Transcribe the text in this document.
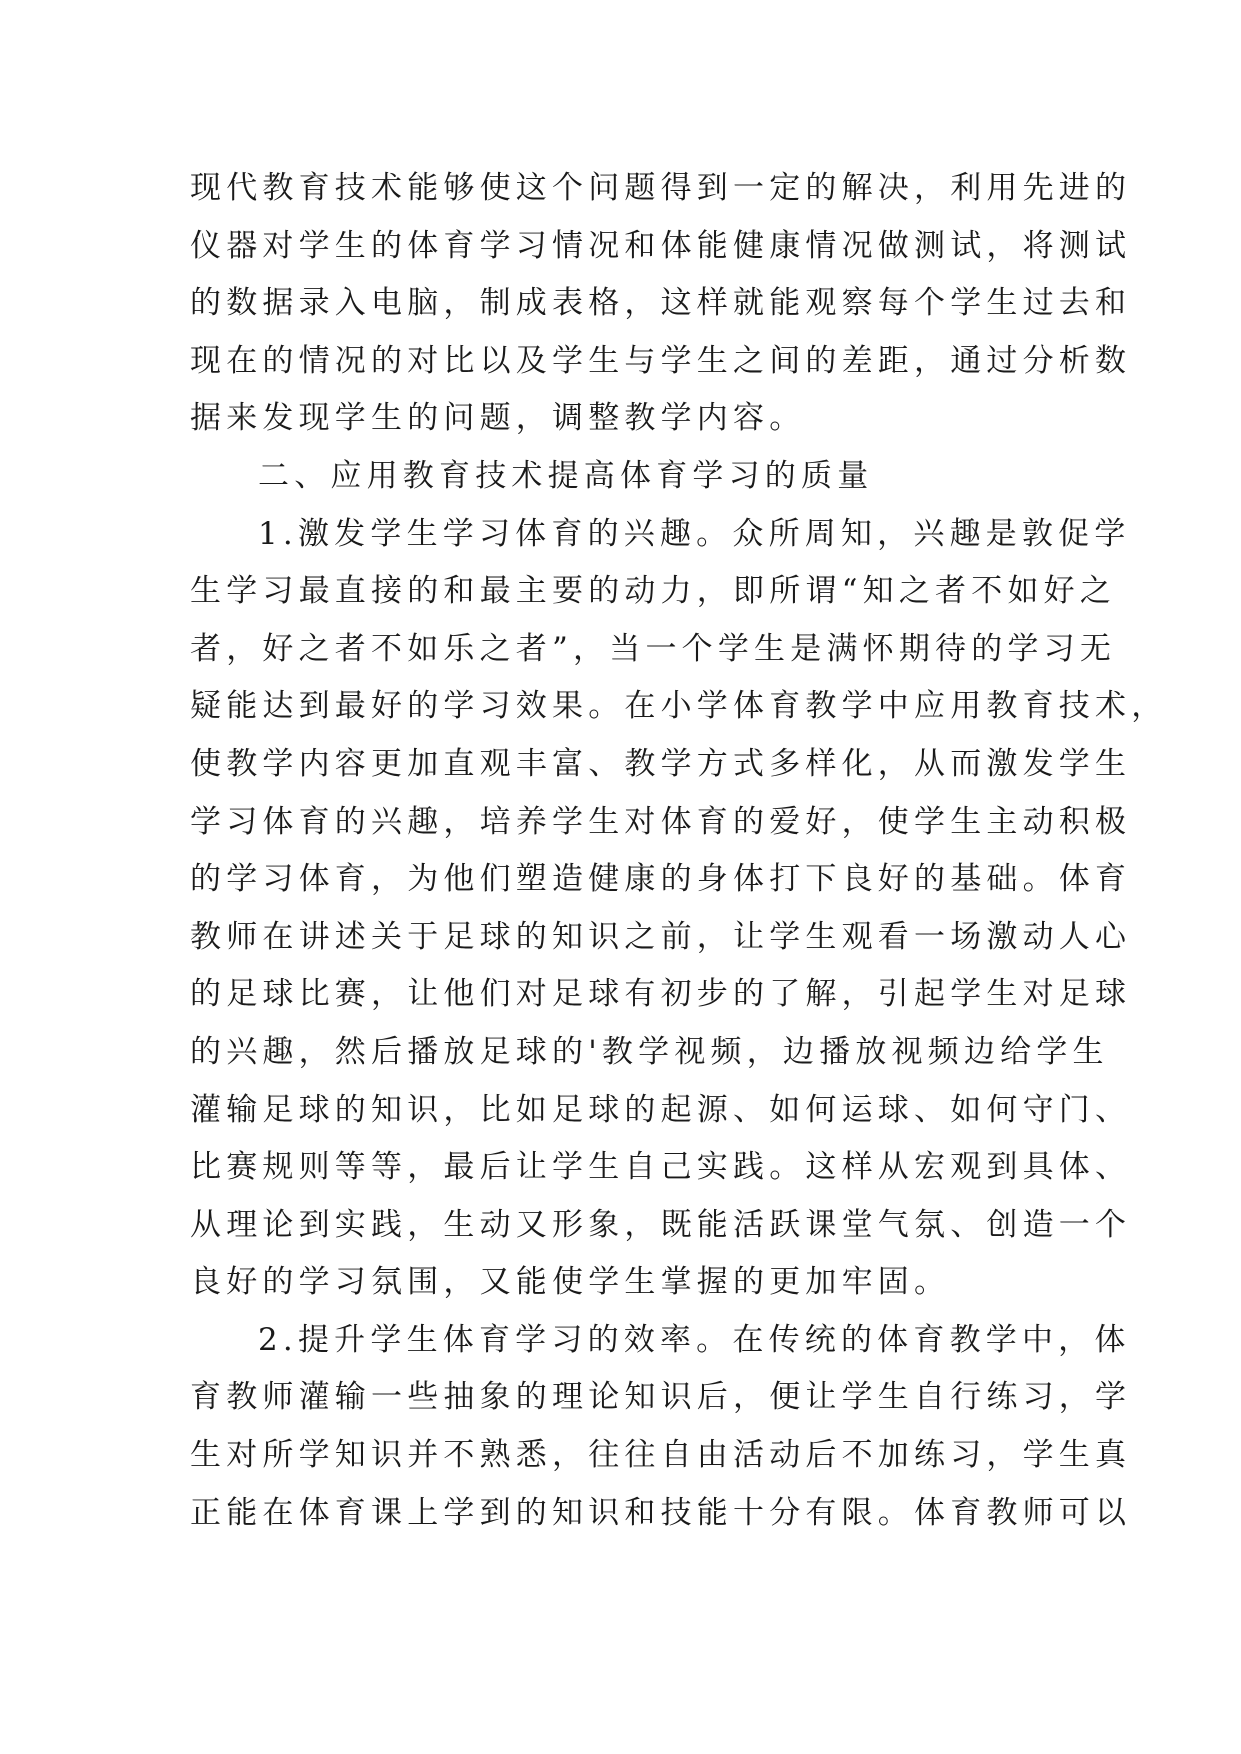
现代教育技术能够使这个问题得到一定的解决，利用先进的
仪器对学生的体育学习情况和体能健康情况做测试，将测试
的数据录入电脑，制成表格，这样就能观察每个学生过去和
现在的情况的对比以及学生与学生之间的差距，通过分析数
据来发现学生的问题，调整教学内容。
二、应用教育技术提高体育学习的质量
1.激发学生学习体育的兴趣。众所周知，兴趣是敦促学
生学习最直接的和最主要的动力，即所谓“知之者不如好之
者，好之者不如乐之者”，当一个学生是满怀期待的学习无
疑能达到最好的学习效果。在小学体育教学中应用教育技术，
使教学内容更加直观丰富、教学方式多样化，从而激发学生
学习体育的兴趣，培养学生对体育的爱好，使学生主动积极
的学习体育，为他们塑造健康的身体打下良好的基础。体育
教师在讲述关于足球的知识之前，让学生观看一场激动人心
的足球比赛，让他们对足球有初步的了解，引起学生对足球
的兴趣，然后播放足球的'教学视频，边播放视频边给学生
灌输足球的知识，比如足球的起源、如何运球、如何守门、
比赛规则等等，最后让学生自己实践。这样从宏观到具体、
从理论到实践，生动又形象，既能活跃课堂气氛、创造一个
良好的学习氛围，又能使学生掌握的更加牢固。
2.提升学生体育学习的效率。在传统的体育教学中，体
育教师灌输一些抽象的理论知识后，便让学生自行练习，学
生对所学知识并不熟悉，往往自由活动后不加练习，学生真
正能在体育课上学到的知识和技能十分有限。体育教师可以
